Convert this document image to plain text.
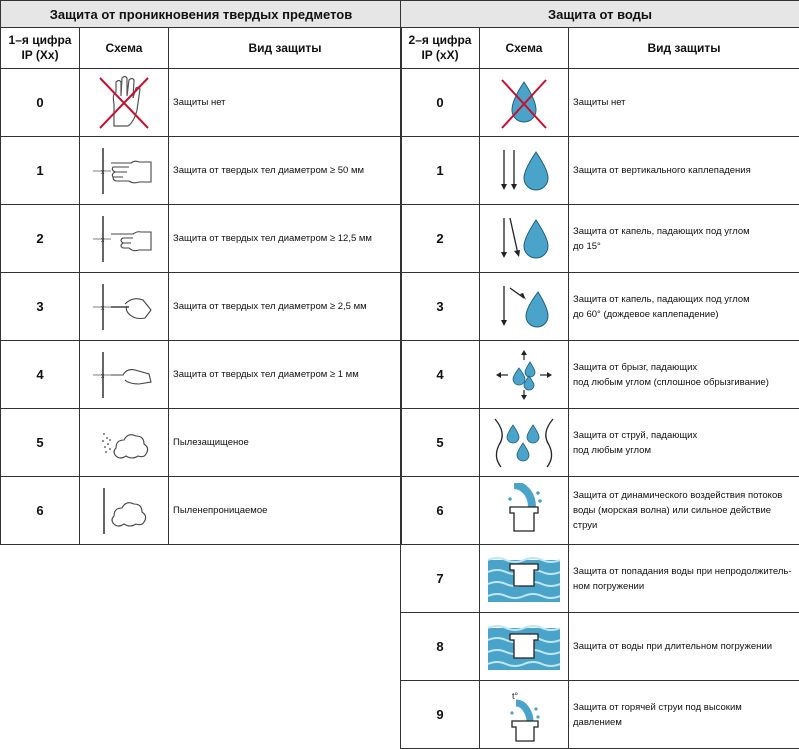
Защита от проникновения твердых предметов		

1–я цифра
IP (Xx)	Схема	Вид защиты
0		Защиты нет
1	x	Защита от твердых тел диаметром ≥ 50 мм
2	x	Защита от твердых тел диаметром ≥ 12,5 мм
3	x	Защита от твердых тел диаметром ≥ 2,5 мм
4	x	Защита от твердых тел диаметром ≥ 1 мм
5		Пылезащищеное
6		Пыленепроницаемое
Защита от воды		

2–я цифра
IP (xX)	Схема	Вид защиты
0		Защиты нет

1		Защита от вертикального каплепадения

2		Защита от капель, падающих под углом
до 15°

3		Защита от капель, падающих под углом
до 60° (дождевое каплепадение)

4		Защита от брызг, падающих
под любым углом (сплошное обрызгивание)

5		Защита от струй, падающих
под любым углом

6		Защита от динамического воздействия потоков
воды (морская волна) или сильное действие
струи

7		Защита от попадания воды при непродолжитель-
ном погружении

8		Защита от воды при длительном погружении

9	t°	Защита от горячей струи под высоким
давлением
